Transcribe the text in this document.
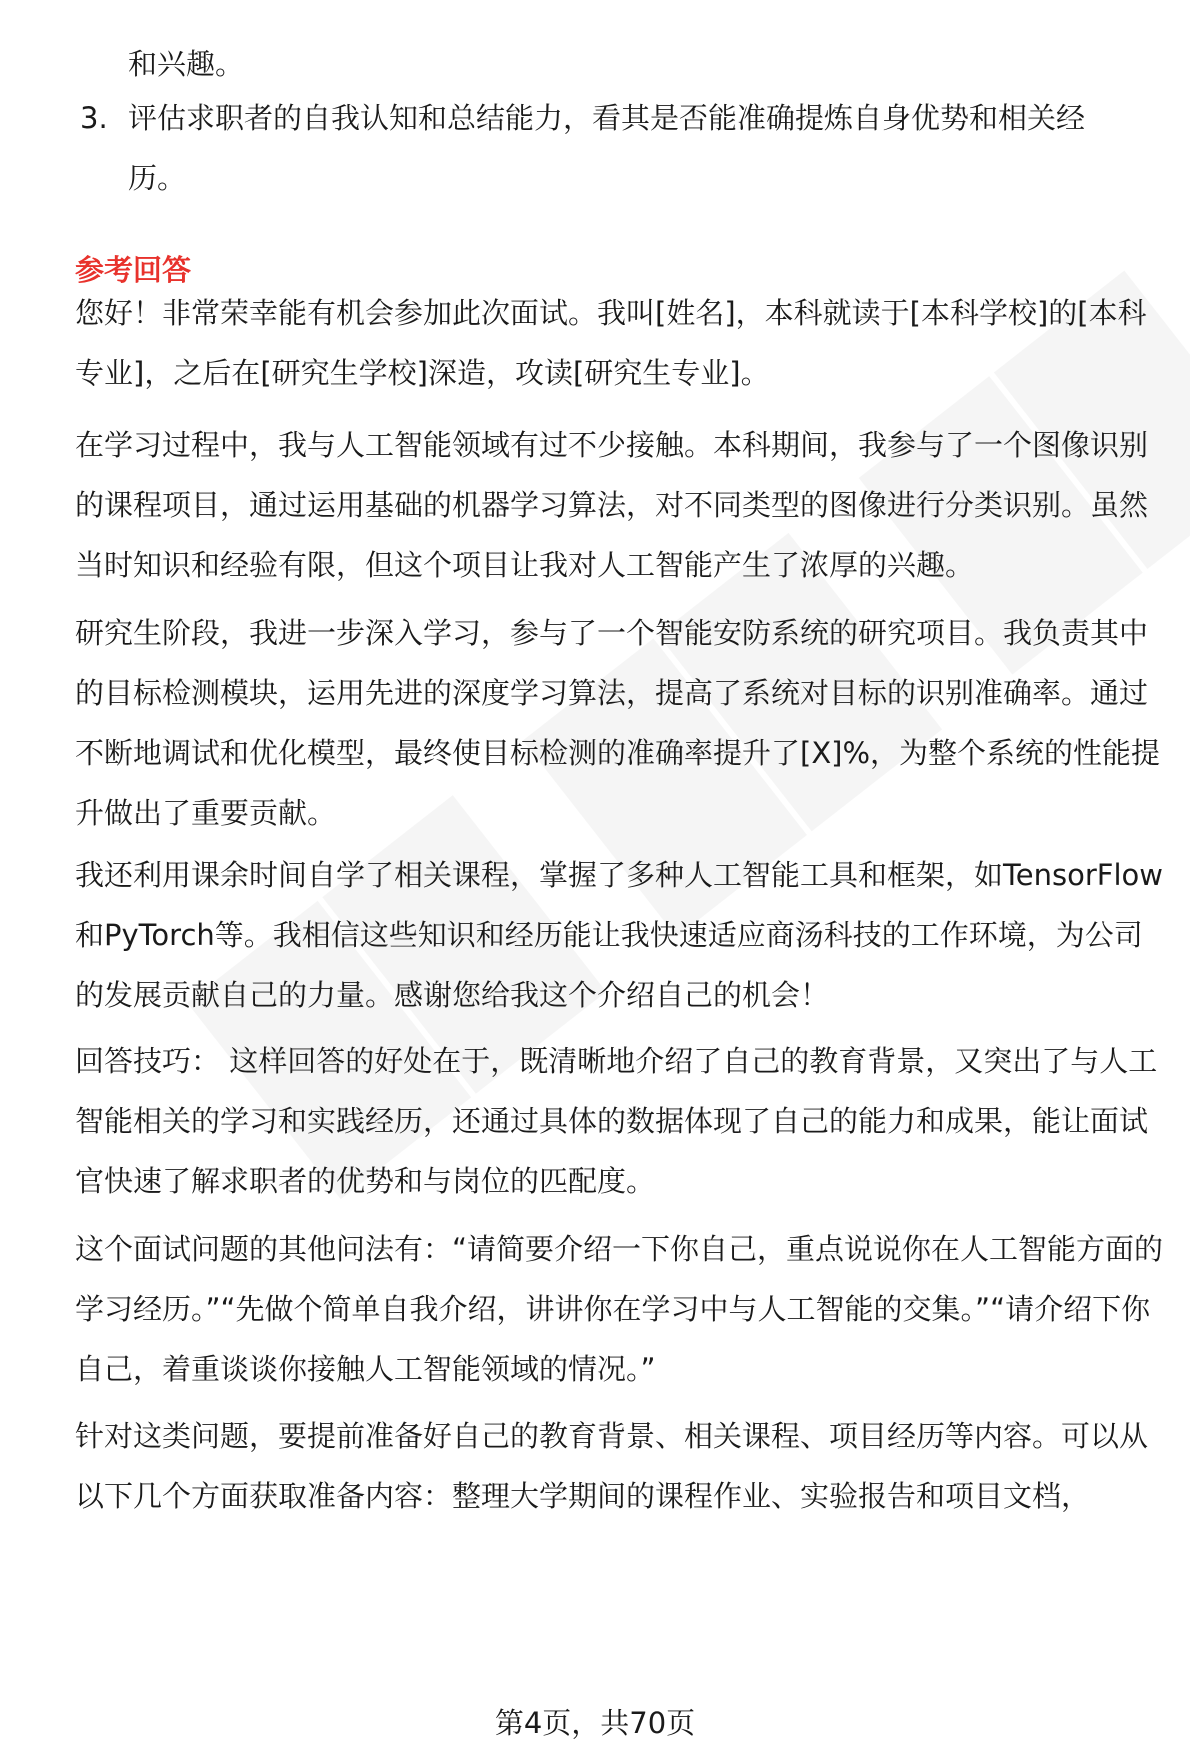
和兴趣。

3. 评估求职者的自我认知和总结能力，看其是否能准确提炼自身优势和相关经历。

参考回答

您好！非常荣幸能有机会参加此次面试。我叫[姓名]，本科就读于[本科学校]的[本科专业]，之后在[研究生学校]深造，攻读[研究生专业]。

在学习过程中，我与人工智能领域有过不少接触。本科期间，我参与了一个图像识别的课程项目，通过运用基础的机器学习算法，对不同类型的图像进行分类识别。虽然当时知识和经验有限，但这个项目让我对人工智能产生了浓厚的兴趣。

研究生阶段，我进一步深入学习，参与了一个智能安防系统的研究项目。我负责其中的目标检测模块，运用先进的深度学习算法，提高了系统对目标的识别准确率。通过不断地调试和优化模型，最终使目标检测的准确率提升了[X]%，为整个系统的性能提升做出了重要贡献。

我还利用课余时间自学了相关课程，掌握了多种人工智能工具和框架，如TensorFlow和PyTorch等。我相信这些知识和经历能让我快速适应商汤科技的工作环境，为公司的发展贡献自己的力量。感谢您给我这个介绍自己的机会！

回答技巧： 这样回答的好处在于，既清晰地介绍了自己的教育背景，又突出了与人工智能相关的学习和实践经历，还通过具体的数据体现了自己的能力和成果，能让面试官快速了解求职者的优势和与岗位的匹配度。

这个面试问题的其他问法有：“请简要介绍一下你自己，重点说说你在人工智能方面的学习经历。”“先做个简单自我介绍，讲讲你在学习中与人工智能的交集。”“请介绍下你自己，着重谈谈你接触人工智能领域的情况。”

针对这类问题，要提前准备好自己的教育背景、相关课程、项目经历等内容。可以从以下几个方面获取准备内容：整理大学期间的课程作业、实验报告和项目文档，

第4页，共70页
